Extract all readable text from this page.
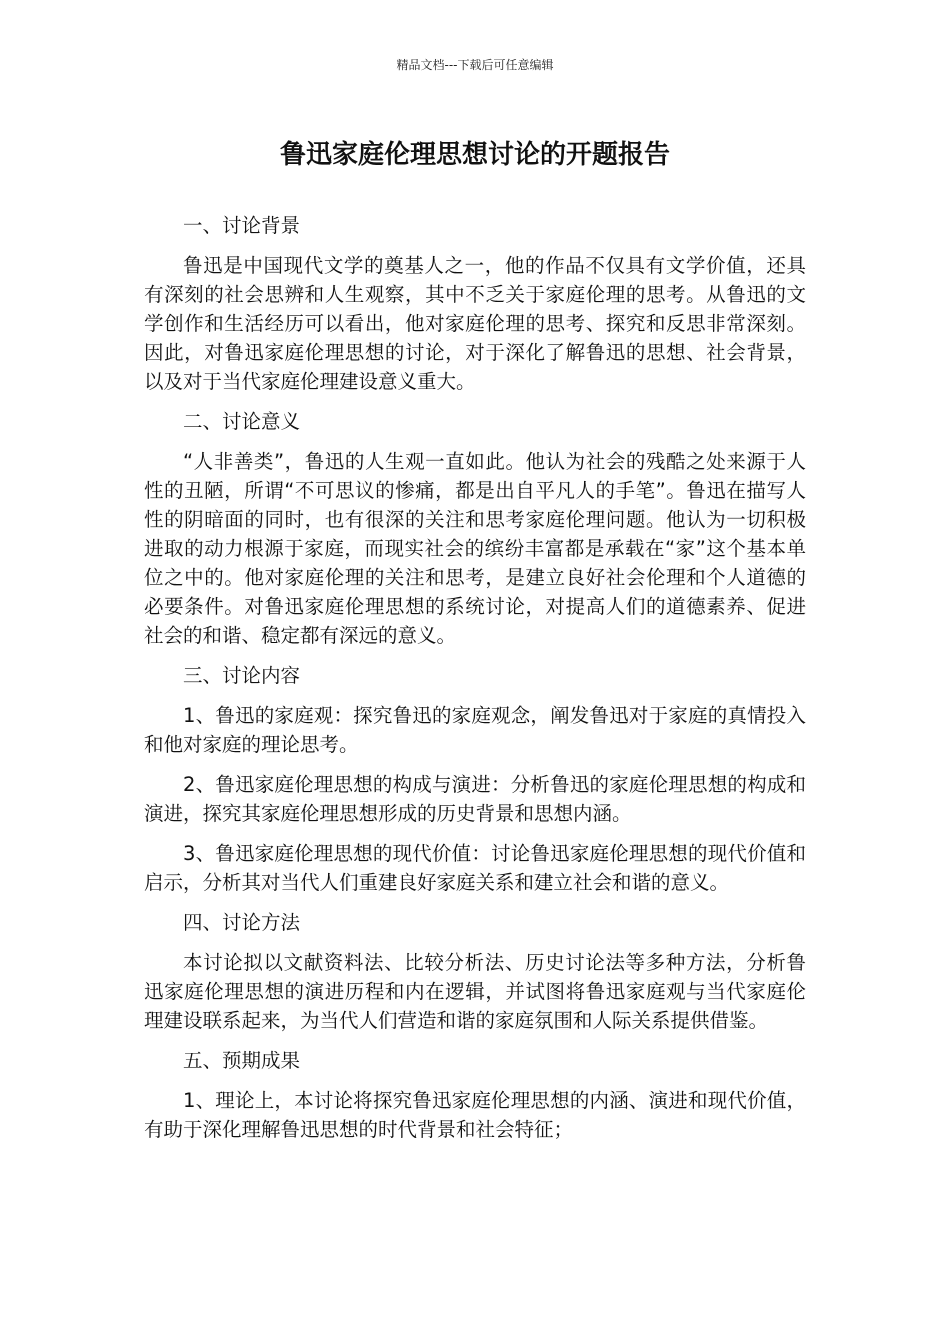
精品文档---下载后可任意编辑
鲁迅家庭伦理思想讨论的开题报告

一、讨论背景

鲁迅是中国现代文学的奠基人之一，他的作品不仅具有文学价值，还具有深刻的社会思辨和人生观察，其中不乏关于家庭伦理的思考。从鲁迅的文学创作和生活经历可以看出，他对家庭伦理的思考、探究和反思非常深刻。因此，对鲁迅家庭伦理思想的讨论，对于深化了解鲁迅的思想、社会背景，以及对于当代家庭伦理建设意义重大。

二、讨论意义

“人非善类”，鲁迅的人生观一直如此。他认为社会的残酷之处来源于人性的丑陋，所谓“不可思议的惨痛，都是出自平凡人的手笔”。鲁迅在描写人性的阴暗面的同时，也有很深的关注和思考家庭伦理问题。他认为一切积极进取的动力根源于家庭，而现实社会的缤纷丰富都是承载在“家”这个基本单位之中的。他对家庭伦理的关注和思考，是建立良好社会伦理和个人道德的必要条件。对鲁迅家庭伦理思想的系统讨论，对提高人们的道德素养、促进社会的和谐、稳定都有深远的意义。

三、讨论内容

1、鲁迅的家庭观：探究鲁迅的家庭观念，阐发鲁迅对于家庭的真情投入和他对家庭的理论思考。

2、鲁迅家庭伦理思想的构成与演进：分析鲁迅的家庭伦理思想的构成和演进，探究其家庭伦理思想形成的历史背景和思想内涵。

3、鲁迅家庭伦理思想的现代价值：讨论鲁迅家庭伦理思想的现代价值和启示，分析其对当代人们重建良好家庭关系和建立社会和谐的意义。

四、讨论方法

本讨论拟以文献资料法、比较分析法、历史讨论法等多种方法，分析鲁迅家庭伦理思想的演进历程和内在逻辑，并试图将鲁迅家庭观与当代家庭伦理建设联系起来，为当代人们营造和谐的家庭氛围和人际关系提供借鉴。

五、预期成果

1、理论上，本讨论将探究鲁迅家庭伦理思想的内涵、演进和现代价值，有助于深化理解鲁迅思想的时代背景和社会特征；
